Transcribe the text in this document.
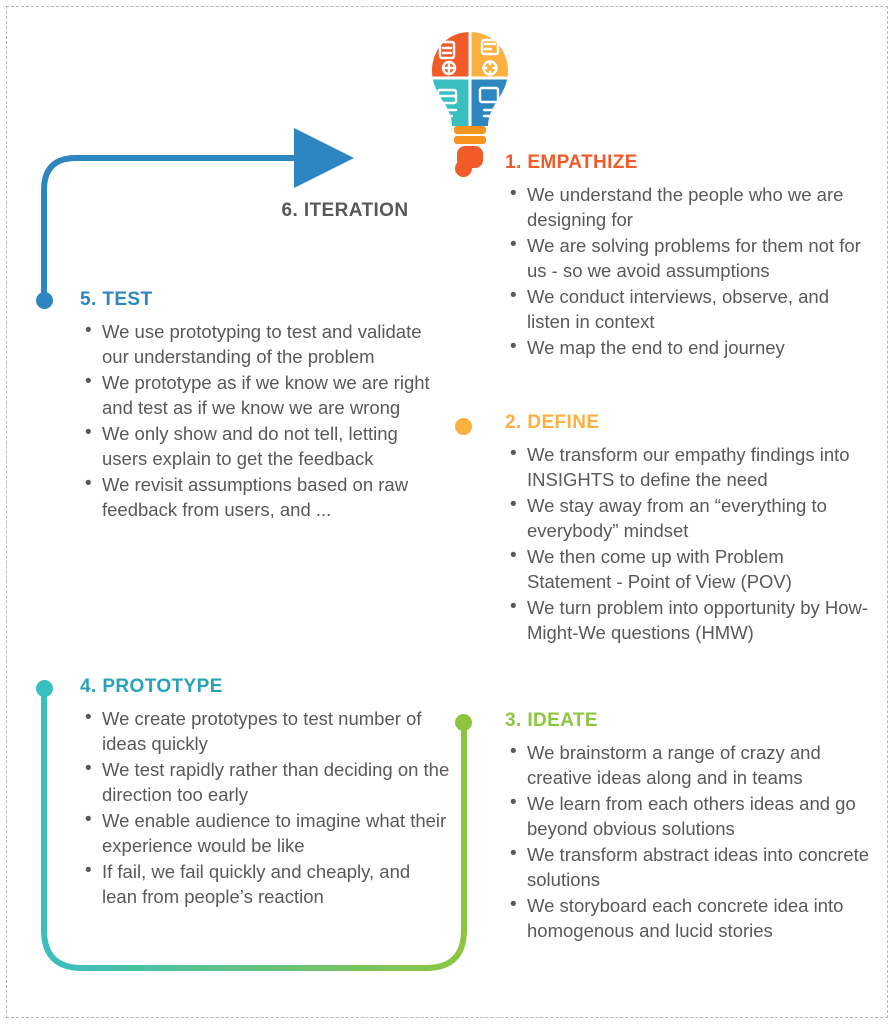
1. EMPATHIZE
• We understand the people who we are designing for
• We are solving problems for them not for us - so we avoid assumptions
• We conduct interviews, observe, and listen in context
• We map the end to end journey
2. DEFINE
• We transform our empathy findings into INSIGHTS to define the need
• We stay away from an “everything to everybody” mindset
• We then come up with Problem Statement - Point of View (POV)
• We turn problem into opportunity by How-Might-We questions (HMW)
3. IDEATE
• We brainstorm a range of crazy and creative ideas along and in teams
• We learn from each others ideas and go beyond obvious solutions
• We transform abstract ideas into concrete solutions
• We storyboard each concrete idea into homogenous and lucid stories
4. PROTOTYPE
• We create prototypes to test number of ideas quickly
• We test rapidly rather than deciding on the direction too early
• We enable audience to imagine what their experience would be like
• If fail, we fail quickly and cheaply, and lean from people’s reaction
5. TEST
• We use prototyping to test and validate our understanding of the problem
• We prototype as if we know we are right and test as if we know we are wrong
• We only show and do not tell, letting users explain to get the feedback
• We revisit assumptions based on raw feedback from users, and ...
6. ITERATION
